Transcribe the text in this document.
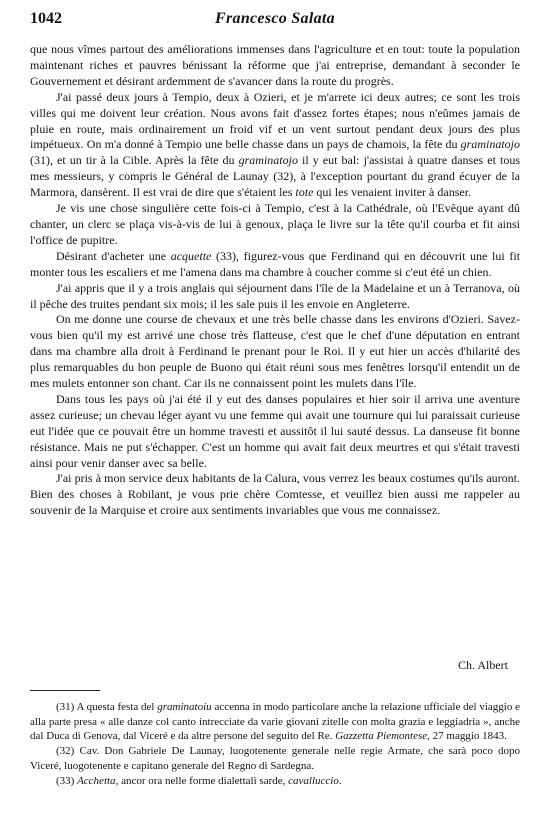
1042	Francesco Salata

que nous vîmes partout des améliorations immenses dans l'agriculture et en tout: toute la population maintenant riches et pauvres bénissant la réforme que j'ai entreprise, demandant à seconder le Gouvernement et désirant ardemment de s'avancer dans la route du progrès.

J'ai passé deux jours à Tempio, deux à Ozieri, et je m'arrete ici deux autres; ce sont les trois villes qui me doivent leur création. Nous avons fait d'assez fortes étapes; nous n'eûmes jamais de pluie en route, mais ordinairement un froid vif et un vent surtout pendant deux jours des plus impétueux. On m'a donné à Tempio une belle chasse dans un pays de chamois, la fête du graminatojo (31), et un tir à la Cible. Après la fête du graminatojo il y eut bal: j'assistai à quatre danses et tous mes messieurs, y compris le Général de Launay (32), à l'exception pourtant du grand écuyer de la Marmora, dansèrent. Il est vrai de dire que s'étaient les tote qui les venaient inviter à danser.

Je vis une chose singulière cette fois-ci à Tempio, c'est à la Cathédrale, où l'Evêque ayant dû chanter, un clerc se plaça vis-à-vis de lui à genoux, plaça le livre sur la tête qu'il courba et fit ainsi l'office de pupitre.

Désirant d'acheter une acquette (33), figurez-vous que Ferdinand qui en découvrit une lui fit monter tous les escaliers et me l'amena dans ma chambre à coucher comme si c'eut été un chien.

J'ai appris que il y a trois anglais qui séjournent dans l'île de la Madelaine et un à Terranova, où il pêche des truites pendant six mois; il les sale puis il les envoie en Angleterre.

On me donne une course de chevaux et une très belle chasse dans les environs d'Ozieri. Savez-vous bien qu'il my est arrivé une chose très flatteuse, c'est que le chef d'une députation en entrant dans ma chambre alla droit à Ferdinand le prenant pour le Roi. Il y eut hier un accès d'hilarité des plus remarquables du bon peuple de Buono qui était réuni sous mes fenêtres lorsqu'il entendit un de mes mulets entonner son chant. Car ils ne connaissent point les mulets dans l'île.

Dans tous les pays où j'ai été il y eut des danses populaires et hier soir il arriva une aventure assez curieuse; un chevau léger ayant vu une femme qui avait une tournure qui lui paraissait curieuse eut l'idée que ce pouvait être un homme travesti et aussitôt il lui sauté dessus. La danseuse fit bonne résistance. Mais ne put s'échapper. C'est un homme qui avait fait deux meurtres et qui s'était travesti ainsi pour venir danser avec sa belle.

J'ai pris à mon service deux habitants de la Calura, vous verrez les beaux costumes qu'ils auront. Bien des choses à Robilant, je vous prie chère Comtesse, et veuillez bien aussi me rappeler au souvenir de la Marquise et croire aux sentiments invariables que vous me connaissez.

Ch. Albert

(31) A questa festa del graminatoiu accenna in modo particolare anche la relazione ufficiale del viaggio e alla parte presa « alle danze col canto intrecciate da varie giovani zitelle con molta grazia e leggiadria », anche dal Duca di Genova, dal Viceré e da altre persone del seguito del Re. Gazzetta Piemontese, 27 maggio 1843.

(32) Cav. Don Gabriele De Launay, luogotenente generale nelle regie Armate, che sarà poco dopo Viceré, luogotenente e capitano generale del Regno di Sardegna.

(33) Acchetta, ancor ora nelle forme dialettali sarde, cavalluccio.
